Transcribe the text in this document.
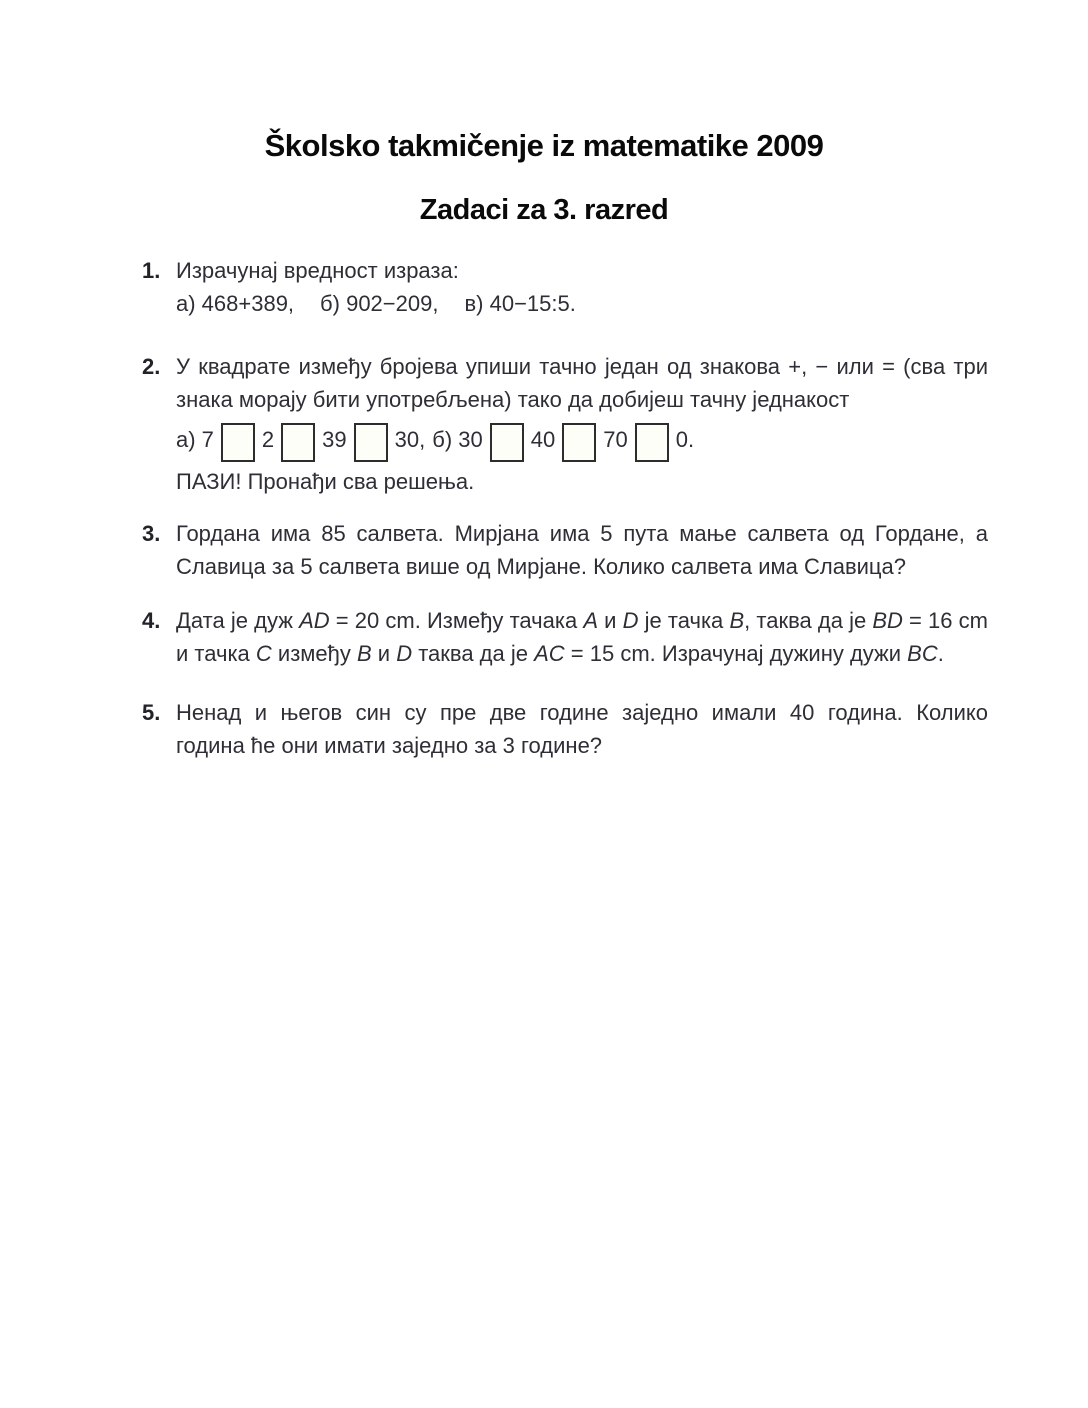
Školsko takmičenje iz matematike 2009
Zadaci za 3. razred
1. Израчунај вредност израза:
а) 468+389, б) 902−209, в) 40−15:5.
2. У квадрате између бројева упиши тачно један од знакова +, − или = (сва три
знака морају бити употребљена) тако да добијеш тачну једнакост
а) 7 2 39 30, б) 30 40 70 0.
ПАЗИ! Пронађи сва решења.
3. Гордана има 85 салвета. Мирјана има 5 пута мање салвета од Гордане, а
Славица за 5 салвета више од Мирјане. Колико салвета има Славица?
4. Дата је дуж AD = 20 cm. Између тачака A и D је тачка B, таква да је BD = 16 cm
и тачка C између B и D таква да је AC = 15 cm. Израчунај дужину дужи BC.
5. Ненад и његов син су пре две године заједно имали 40 година. Колико
година ће они имати заједно за 3 године?
